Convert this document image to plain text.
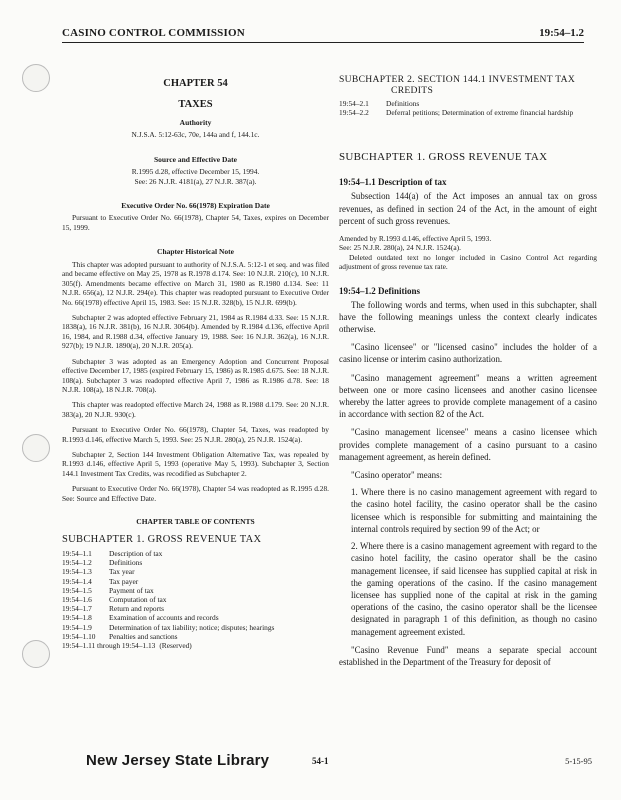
CASINO CONTROL COMMISSION	19:54–1.2
CHAPTER 54
TAXES
Authority
N.J.S.A. 5:12-63c, 70e, 144a and f, 144.1c.
Source and Effective Date
R.1995 d.28, effective December 15, 1994.
See: 26 N.J.R. 4181(a), 27 N.J.R. 387(a).
Executive Order No. 66(1978) Expiration Date

Pursuant to Executive Order No. 66(1978), Chapter 54, Taxes, expires on December 15, 1999.

Chapter Historical Note

This chapter was adopted pursuant to authority of N.J.S.A. 5:12-1 et seq. and was filed and became effective on May 25, 1978 as R.1978 d.174. See: 10 N.J.R. 210(c), 10 N.J.R. 305(f). Amendments became effective on March 31, 1980 as R.1980 d.134. See: 11 N.J.R. 656(a), 12 N.J.R. 294(e). This chapter was readopted pursuant to Executive Order No. 66(1978) effective April 15, 1983. See: 15 N.J.R. 328(b), 15 N.J.R. 699(b).

Subchapter 2 was adopted effective February 21, 1984 as R.1984 d.33. See: 15 N.J.R. 1838(a), 16 N.J.R. 381(b), 16 N.J.R. 3064(b). Amended by R.1984 d.136, effective April 16, 1984, and R.1988 d.34, effective January 19, 1988. See: 16 N.J.R. 362(a), 16 N.J.R. 927(b); 19 N.J.R. 1890(a), 20 N.J.R. 205(a).

Subchapter 3 was adopted as an Emergency Adoption and Concurrent Proposal effective December 17, 1985 (expired February 15, 1986) as R.1985 d.675. See: 18 N.J.R. 108(a). Subchapter 3 was readopted effective April 7, 1986 as R.1986 d.78. See: 18 N.J.R. 108(a), 18 N.J.R. 708(a).

This chapter was readopted effective March 24, 1988 as R.1988 d.179. See: 20 N.J.R. 383(a), 20 N.J.R. 930(c).

Pursuant to Executive Order No. 66(1978), Chapter 54, Taxes, was readopted by R.1993 d.146, effective March 5, 1993. See: 25 N.J.R. 280(a), 25 N.J.R. 1524(a).

Subchapter 2, Section 144 Investment Obligation Alternative Tax, was repealed by R.1993 d.146, effective April 5, 1993 (operative May 5, 1993). Subchapter 3, Section 144.1 Investment Tax Credits, was recodified as Subchapter 2.

Pursuant to Executive Order No. 66(1978), Chapter 54 was readopted as R.1995 d.28. See: Source and Effective Date.

CHAPTER TABLE OF CONTENTS
SUBCHAPTER 1. GROSS REVENUE TAX
19:54–1.1	Description of tax
19:54–1.2	Definitions
19:54–1.3	Tax year
19:54–1.4	Tax payer
19:54–1.5	Payment of tax
19:54–1.6	Computation of tax
19:54–1.7	Return and reports
19:54–1.8	Examination of accounts and records
19:54–1.9	Determination of tax liability; notice; disputes; hearings
19:54–1.10	Penalties and sanctions
19:54–1.11 through 19:54–1.13 (Reserved)
SUBCHAPTER 2. SECTION 144.1 INVESTMENT TAX
CREDITS
19:54–2.1	Definitions
19:54–2.2	Deferral petitions; Determination of extreme financial hardship
SUBCHAPTER 1. GROSS REVENUE TAX
19:54–1.1 Description of tax

Subsection 144(a) of the Act imposes an annual tax on gross revenues, as defined in section 24 of the Act, in the amount of eight percent of such gross revenues.

Amended by R.1993 d.146, effective April 5, 1993.
See: 25 N.J.R. 280(a), 24 N.J.R. 1524(a).

Deleted outdated text no longer included in Casino Control Act regarding adjustment of gross revenue tax rate.

19:54–1.2 Definitions

The following words and terms, when used in this subchapter, shall have the following meanings unless the context clearly indicates otherwise.

"Casino licensee" or "licensed casino" includes the holder of a casino license or interim casino authorization.

"Casino management agreement" means a written agreement between one or more casino licensees and another casino licensee whereby the latter agrees to provide complete management of a casino in accordance with section 82 of the Act.

"Casino management licensee" means a casino licensee which provides complete management of a casino pursuant to a casino management agreement, as herein defined.

"Casino operator" means:

1. Where there is no casino management agreement with regard to the casino hotel facility, the casino operator shall be the casino licensee which is responsible for submitting and maintaining the internal controls required by section 99 of the Act; or

2. Where there is a casino management agreement with regard to the casino hotel facility, the casino operator shall be the casino management licensee, if said licensee has supplied capital at risk in the gaming operations of the casino. If the casino management licensee has supplied none of the capital at risk in the gaming operations of the casino, the casino operator shall be the licensee designated in paragraph 1 of this definition, as though no casino management agreement existed.

"Casino Revenue Fund" means a separate special account established in the Department of the Treasury for deposit of

New Jersey State Library	54-1	5-15-95
